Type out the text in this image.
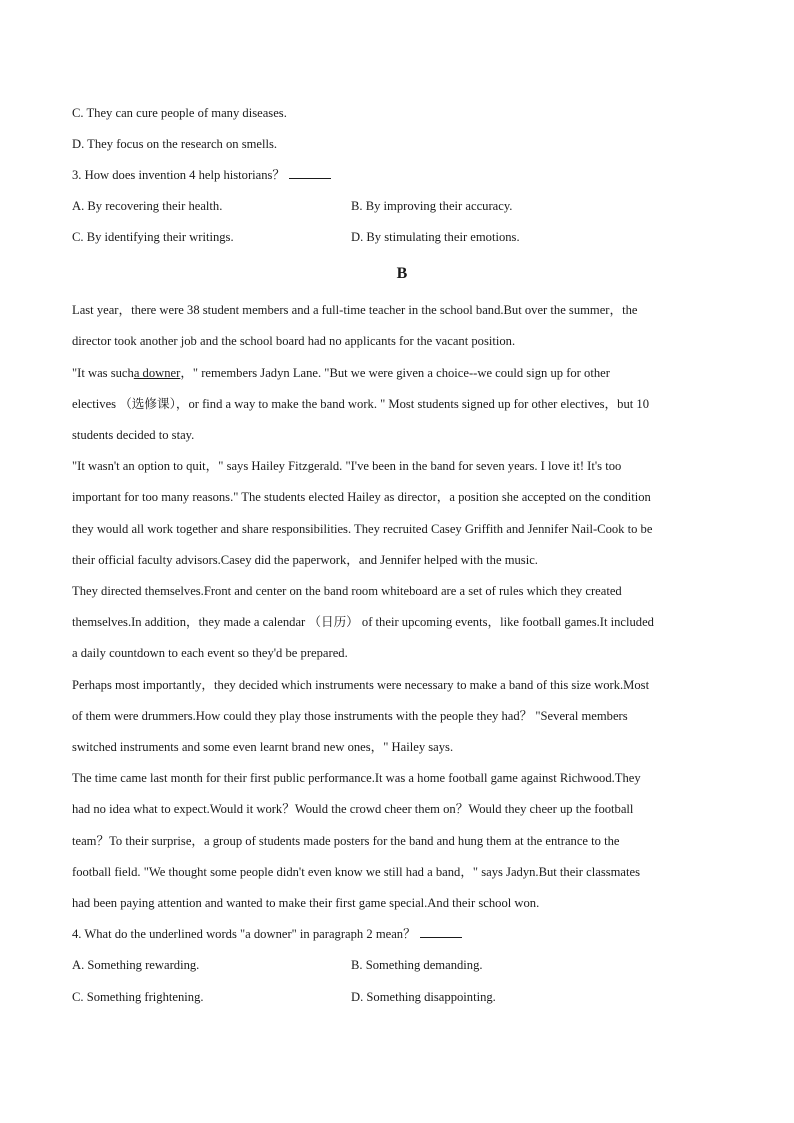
C. They can cure people of many diseases.
D. They focus on the research on smells.
3. How does invention 4 help historians？
A. By recovering their health.	B. By improving their accuracy.
C. By identifying their writings.	D. By stimulating their emotions.
B
Last year，there were 38 student members and a full-time teacher in the school band.But over the summer，the
director took another job and the school board had no applicants for the vacant position.
"It was sucha downer，" remembers Jadyn Lane. "But we were given a choice--we could sign up for other
electives （选修课），or find a way to make the band work. " Most students signed up for other electives，but 10
students decided to stay.
"It wasn't an option to quit，" says Hailey Fitzgerald. "I've been in the band for seven years. I love it! It's too
important for too many reasons." The students elected Hailey as director，a position she accepted on the condition
they would all work together and share responsibilities. They recruited Casey Griffith and Jennifer Nail-Cook to be
their official faculty advisors.Casey did the paperwork，and Jennifer helped with the music.
They directed themselves.Front and center on the band room whiteboard are a set of rules which they created
themselves.In addition，they made a calendar （日历） of their upcoming events，like football games.It included
a daily countdown to each event so they'd be prepared.
Perhaps most importantly，they decided which instruments were necessary to make a band of this size work.Most
of them were drummers.How could they play those instruments with the people they had？ "Several members
switched instruments and some even learnt brand new ones，" Hailey says.
The time came last month for their first public performance.It was a home football game against Richwood.They
had no idea what to expect.Would it work？Would the crowd cheer them on？Would they cheer up the football
team？To their surprise，a group of students made posters for the band and hung them at the entrance to the
football field. "We thought some people didn't even know we still had a band，" says Jadyn.But their classmates
had been paying attention and wanted to make their first game special.And their school won.
4. What do the underlined words "a downer" in paragraph 2 mean？
A. Something rewarding.	B. Something demanding.
C. Something frightening.	D. Something disappointing.
